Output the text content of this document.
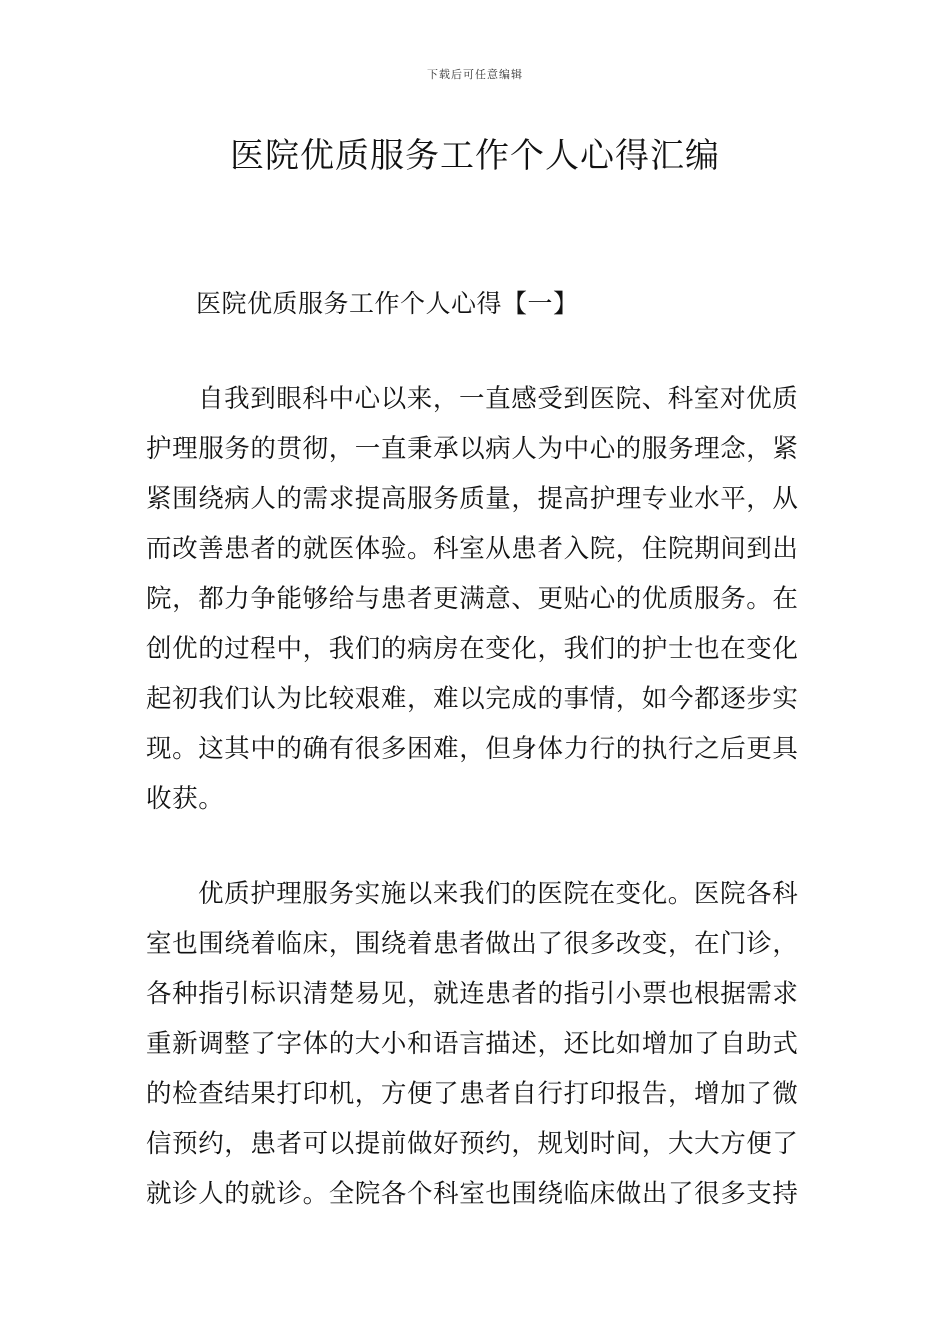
下载后可任意编辑
医院优质服务工作个人心得汇编
医院优质服务工作个人心得【一】
自我到眼科中心以来，一直感受到医院、科室对优质
护理服务的贯彻，一直秉承以病人为中心的服务理念，紧
紧围绕病人的需求提高服务质量，提高护理专业水平，从
而改善患者的就医体验。科室从患者入院，住院期间到出
院，都力争能够给与患者更满意、更贴心的优质服务。在
创优的过程中，我们的病房在变化，我们的护士也在变化
起初我们认为比较艰难，难以完成的事情，如今都逐步实
现。这其中的确有很多困难，但身体力行的执行之后更具
收获。
优质护理服务实施以来我们的医院在变化。医院各科
室也围绕着临床，围绕着患者做出了很多改变，在门诊，
各种指引标识清楚易见，就连患者的指引小票也根据需求
重新调整了字体的大小和语言描述，还比如增加了自助式
的检查结果打印机，方便了患者自行打印报告，增加了微
信预约，患者可以提前做好预约，规划时间，大大方便了
就诊人的就诊。全院各个科室也围绕临床做出了很多支持
